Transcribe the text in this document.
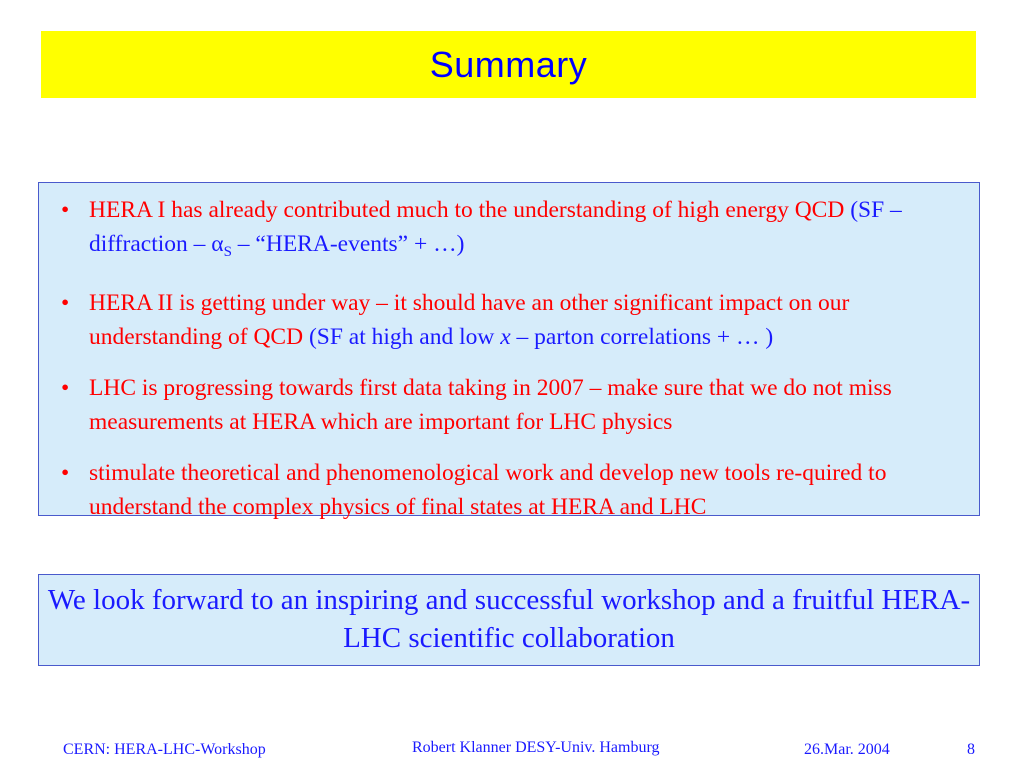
Summary
• HERA I has already contributed much to the understanding of high energy QCD (SF – diffraction – $\alpha_S$ – “HERA-events” + …)
• HERA II is getting under way – it should have an other significant impact on our understanding of QCD (SF at high and low x – parton correlations + … )
• LHC is progressing towards first data taking in 2007 – make sure that we do not miss measurements at HERA which are important for LHC physics
• stimulate theoretical and phenomenological work and develop new tools re-quired to understand the complex physics of final states at HERA and LHC
We look forward to an inspiring and successful workshop and a fruitful HERA-LHC scientific collaboration
CERN: HERA-LHC-Workshop	Robert Klanner DESY-Univ. Hamburg	26.Mar. 2004	8
